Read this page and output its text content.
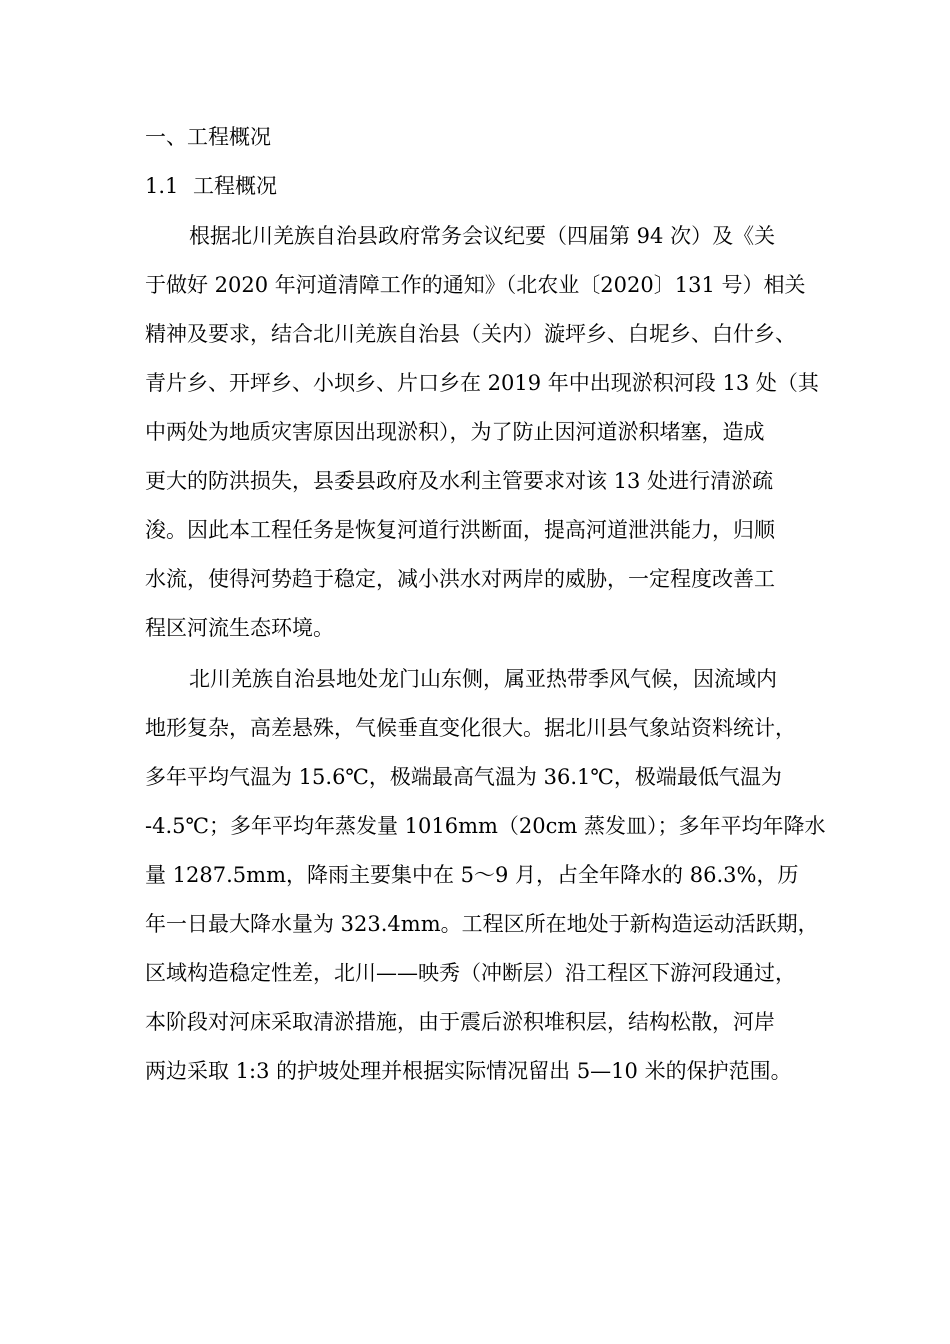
一、工程概况
1.1 工程概况
根据北川羌族自治县政府常务会议纪要（四届第 94 次）及《关
于做好 2020 年河道清障工作的通知》（北农业〔2020〕131 号）相关
精神及要求，结合北川羌族自治县（关内）漩坪乡、白坭乡、白什乡、
青片乡、开坪乡、小坝乡、片口乡在 2019 年中出现淤积河段 13 处（其
中两处为地质灾害原因出现淤积），为了防止因河道淤积堵塞，造成
更大的防洪损失，县委县政府及水利主管要求对该 13 处进行清淤疏
浚。因此本工程任务是恢复河道行洪断面，提高河道泄洪能力，归顺
水流，使得河势趋于稳定，减小洪水对两岸的威胁，一定程度改善工
程区河流生态环境。
北川羌族自治县地处龙门山东侧，属亚热带季风气候，因流域内
地形复杂，高差悬殊，气候垂直变化很大。据北川县气象站资料统计，
多年平均气温为 15.6℃，极端最高气温为 36.1℃，极端最低气温为
-4.5℃；多年平均年蒸发量 1016mm（20cm 蒸发皿）；多年平均年降水
量 1287.5mm，降雨主要集中在 5～9 月，占全年降水的 86.3%，历
年一日最大降水量为 323.4mm。工程区所在地处于新构造运动活跃期，
区域构造稳定性差，北川——映秀（冲断层）沿工程区下游河段通过，
本阶段对河床采取清淤措施，由于震后淤积堆积层，结构松散，河岸
两边采取 1:3 的护坡处理并根据实际情况留出 5—10 米的保护范围。
